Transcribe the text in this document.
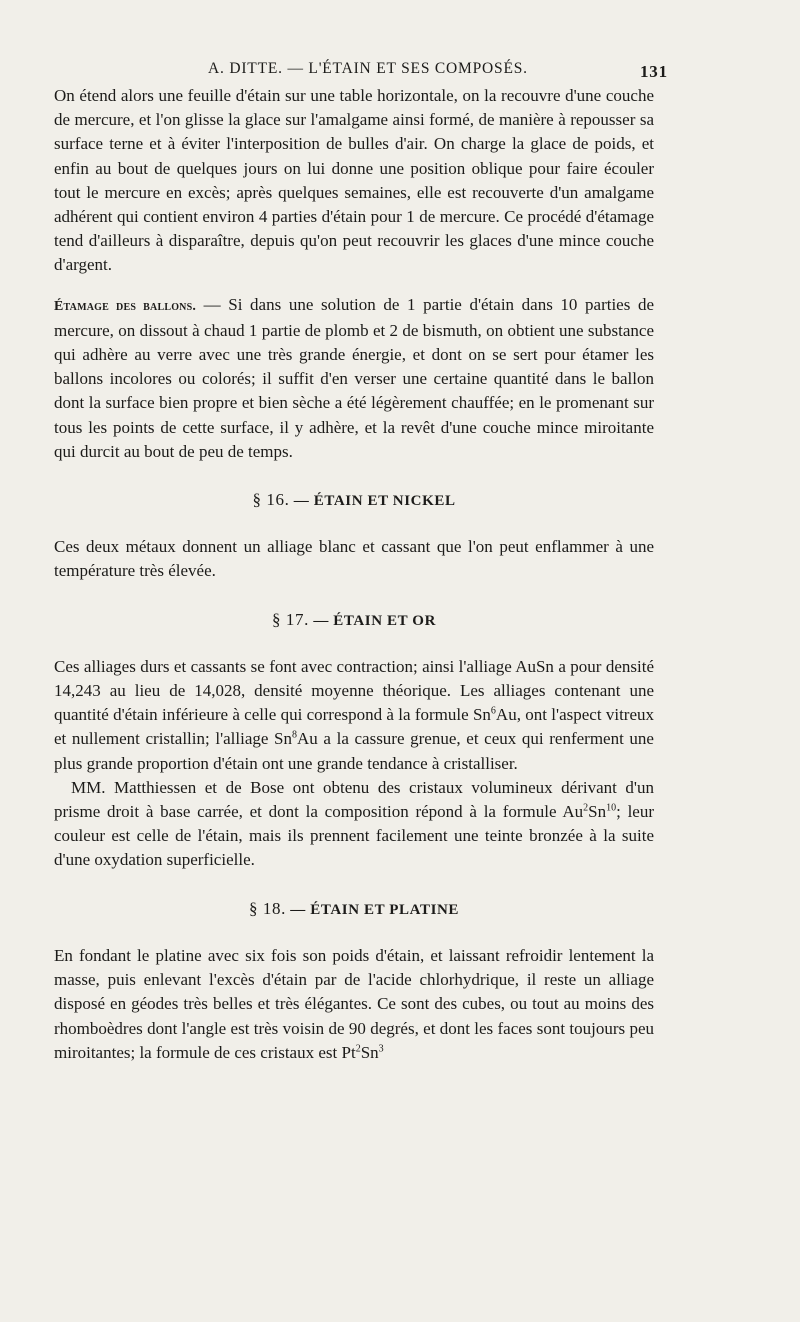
A. DITTE. — L'ÉTAIN ET SES COMPOSÉS.	131

On étend alors une feuille d'étain sur une table horizontale, on la recouvre d'une couche de mercure, et l'on glisse la glace sur l'amalgame ainsi formé, de manière à repousser sa surface terne et à éviter l'interposition de bulles d'air. On charge la glace de poids, et enfin au bout de quelques jours on lui donne une position oblique pour faire écouler tout le mercure en excès; après quelques semaines, elle est recouverte d'un amalgame adhérent qui contient environ 4 parties d'étain pour 1 de mercure. Ce procédé d'étamage tend d'ailleurs à disparaître, depuis qu'on peut recouvrir les glaces d'une mince couche d'argent.

Étamage des ballons. — Si dans une solution de 1 partie d'étain dans 10 parties de mercure, on dissout à chaud 1 partie de plomb et 2 de bismuth, on obtient une substance qui adhère au verre avec une très grande énergie, et dont on se sert pour étamer les ballons incolores ou colorés; il suffit d'en verser une certaine quantité dans le ballon dont la surface bien propre et bien sèche a été légèrement chauffée; en le promenant sur tous les points de cette surface, il y adhère, et la revêt d'une couche mince miroitante qui durcit au bout de peu de temps.

§ 16. — ÉTAIN ET NICKEL

Ces deux métaux donnent un alliage blanc et cassant que l'on peut enflammer à une température très élevée.

§ 17. — ÉTAIN ET OR

Ces alliages durs et cassants se font avec contraction; ainsi l'alliage AuSn a pour densité 14,243 au lieu de 14,028, densité moyenne théorique. Les alliages contenant une quantité d'étain inférieure à celle qui correspond à la formule Sn$^6$Au, ont l'aspect vitreux et nullement cristallin; l'alliage Sn$^8$Au a la cassure grenue, et ceux qui renferment une plus grande proportion d'étain ont une grande tendance à cristalliser.

 MM. Matthiessen et de Bose ont obtenu des cristaux volumineux dérivant d'un prisme droit à base carrée, et dont la composition répond à la formule Au$^2$Sn$^{10}$; leur couleur est celle de l'étain, mais ils prennent facilement une teinte bronzée à la suite d'une oxydation superficielle.

§ 18. — ÉTAIN ET PLATINE

En fondant le platine avec six fois son poids d'étain, et laissant refroidir lentement la masse, puis enlevant l'excès d'étain par de l'acide chlorhydrique, il reste un alliage disposé en géodes très belles et très élégantes. Ce sont des cubes, ou tout au moins des rhomboèdres dont l'angle est très voisin de 90 degrés, et dont les faces sont toujours peu miroitantes; la formule de ces cristaux est Pt$^2$Sn$^3$
